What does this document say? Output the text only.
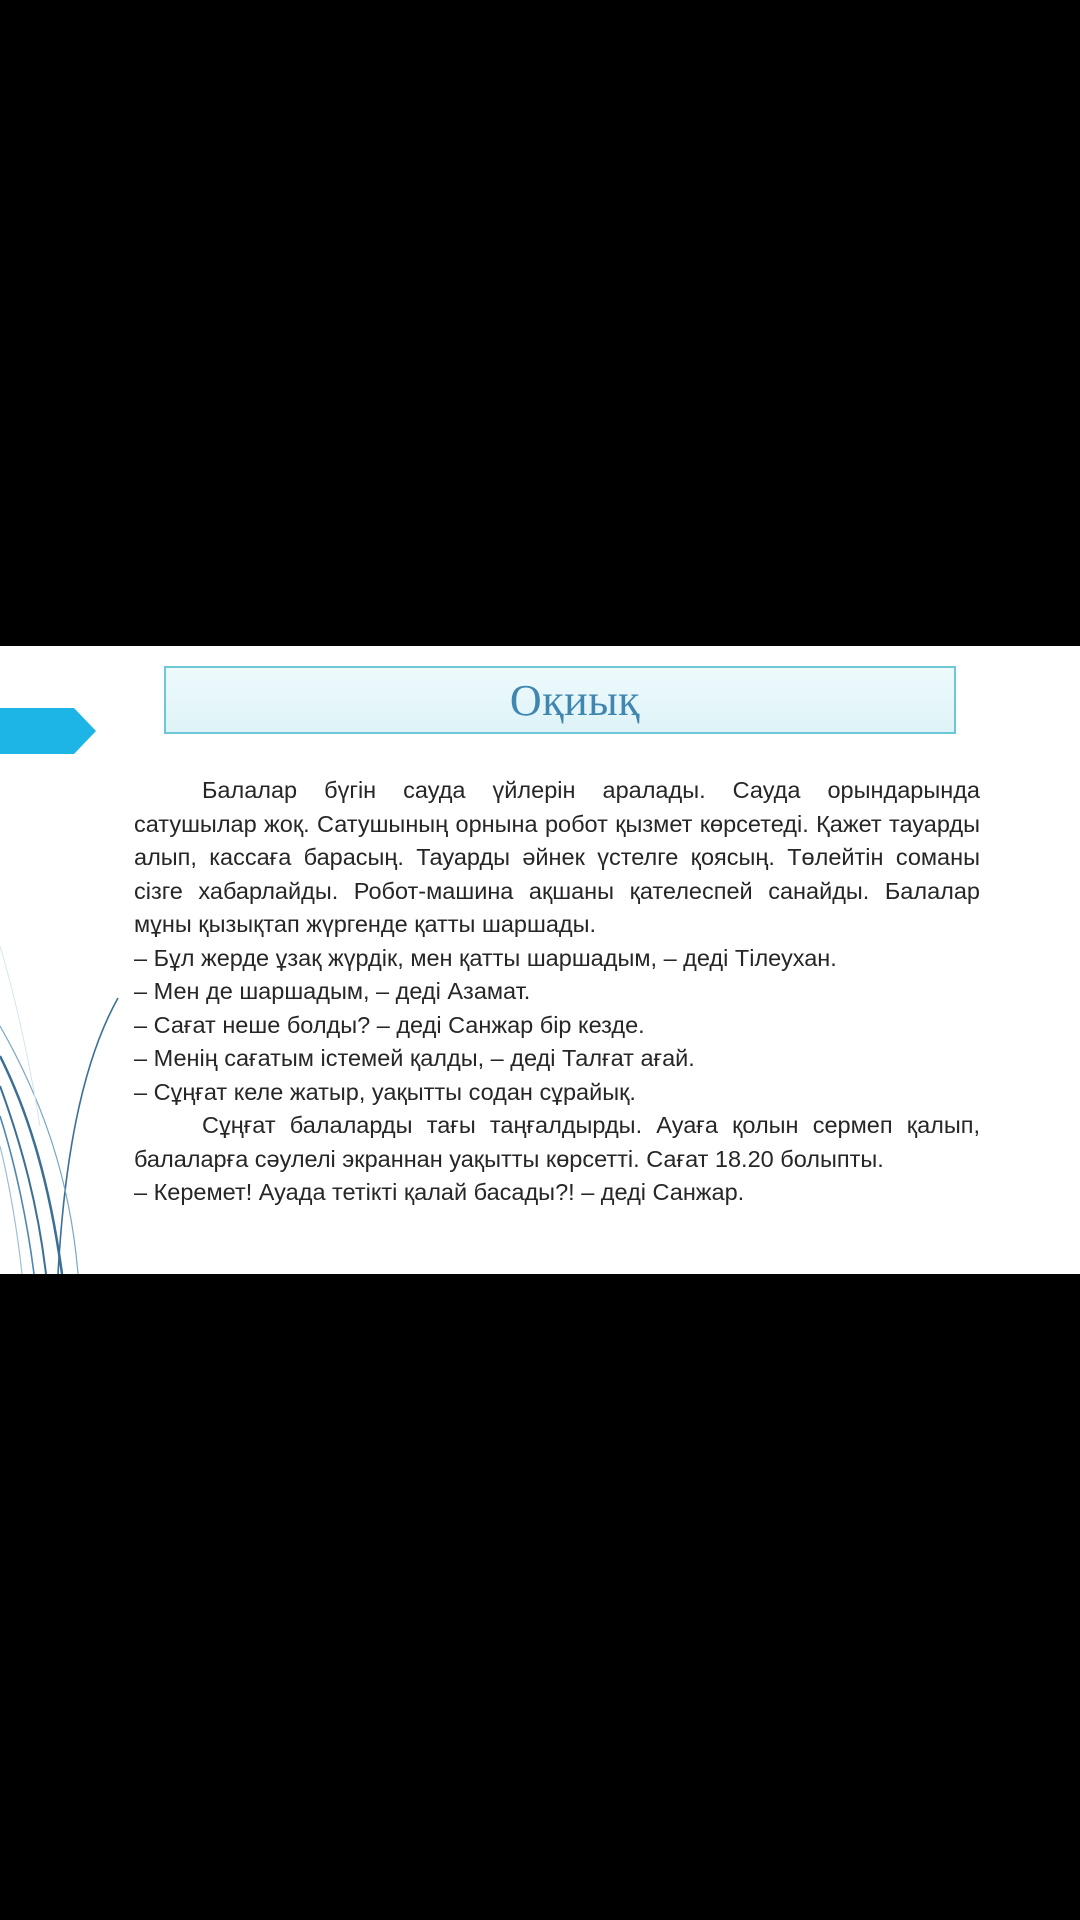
Оқиық

Балалар бүгін сауда үйлерін аралады. Сауда орындарында сатушылар жоқ. Сатушының орнына робот қызмет көрсетеді. Қажет тауарды алып, кассаға барасың. Тауарды әйнек үстелге қоясың. Төлейтін соманы сізге хабарлайды. Робот-машина ақшаны қателеспей санайды. Балалар мұны қызықтап жүргенде қатты шаршады.

– Бұл жерде ұзақ жүрдік, мен қатты шаршадым, – деді Тілеухан.

– Мен де шаршадым, – деді Азамат.

– Сағат неше болды? – деді Санжар бір кезде.

– Менің сағатым істемей қалды, – деді Талғат ағай.

– Сұңғат келе жатыр, уақытты содан сұрайық.

Сұңғат балаларды тағы таңғалдырды. Ауаға қолын сермеп қалып, балаларға сәулелі экраннан уақытты көрсетті. Сағат 18.20 болыпты.

– Керемет! Ауада тетікті қалай басады?! – деді Санжар.
